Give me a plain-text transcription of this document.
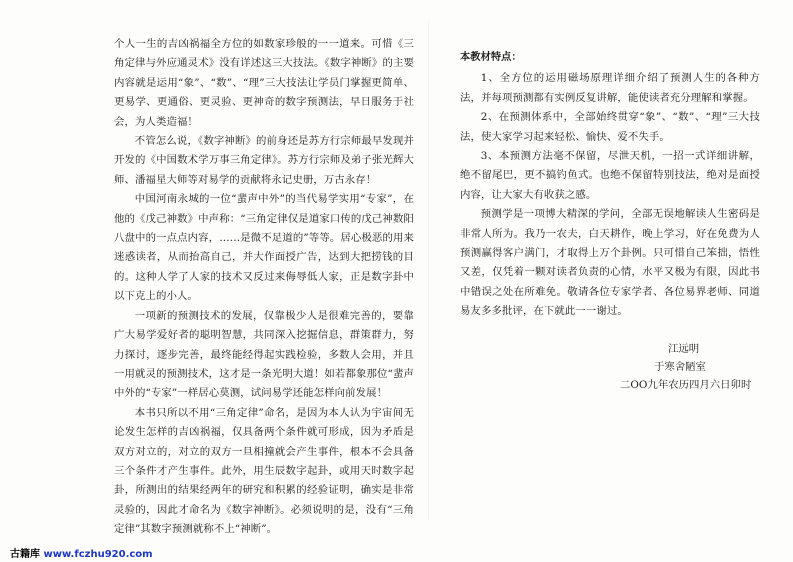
个人一生的吉凶祸福全方位的如数家珍般的一一道来。可惜《三角定律与外应通灵术》没有详述这三大技法。《数字神断》的主要内容就是运用“象”、“数”、“理”三大技法让学员门掌握更简单、更易学、更通俗、更灵验、更神奇的数字预测法，早日服务于社会，为人类造福！

不管怎么说，《数字神断》的前身还是苏方行宗师最早发现并开发的《中国数术学万事三角定律》。苏方行宗师及弟子张光辉大师、潘福星大师等对易学的贡献将永记史册，万古永存！

中国河南永城的一位“蜚声中外”的当代易学实用“专家”，在他的《戊己神数》中声称：“三角定律仅是道家口传的戊己神数阳八盘中的一点点内容，……是微不足道的”等等。居心极恶的用来迷惑读者，从而抬高自己，并大作面授广告，达到大把捞钱的目的。这种人学了人家的技术又反过来侮辱低人家，正是数字卦中以下克上的小人。

一项新的预测技术的发展，仅靠极少人是很难完善的，要靠广大易学爱好者的聪明智慧，共同深入挖掘信息，群策群力，努力探讨，逐步完善，最终能经得起实践检验，多数人会用，并且一用就灵的预测技术，这才是一条光明大道！如若都象那位“蜚声中外的“专家”一样居心莫测，试问易学还能怎样向前发展！

本书只所以不用“三角定律”命名，是因为本人认为宇宙间无论发生怎样的吉凶祸福，仅具备两个条件就可形成，因为矛盾是双方对立的，对立的双方一旦相撞就会产生事件，根本不会具备三个条件才产生事件。此外，用生辰数字起卦，或用天时数字起卦，所测出的结果经两年的研究和积累的经验证明，确实是非常灵验的，因此才命名为《数字神断》。必须说明的是，没有“三角定律”其数字预测就称不上“神断”。

本教材特点：

1、全方位的运用磁场原理详细介绍了预测人生的各种方法，并每项预测都有实例反复讲解，能使读者充分理解和掌握。

2、在预测体系中，全部始终贯穿“象”、“数”、“理”三大技法，使大家学习起来轻松、愉快、爱不失手。

3、本预测方法毫不保留，尽泄天机，一招一式详细讲解，绝不留尾巴，更不搞钓鱼式。也绝不保留特别技法，绝对是面授内容，让大家大有收获之感。

预测学是一项博大精深的学问，全部无误地解读人生密码是非常人所为。我乃一农夫，白天耕作，晚上学习，好在免费为人预测赢得客户满门，才取得上万个卦例。只可惜自己笨拙，悟性又差，仅凭着一颗对读者负责的心情，水平又极为有限，因此书中错误之处在所难免。敬请各位专家学者、各位易界老师、同道易友多多批评，在下就此一一谢过。

江远明
于寒舍陋室
二OO九年农历四月六日卯时
古籍库 www.fczhu920.com
